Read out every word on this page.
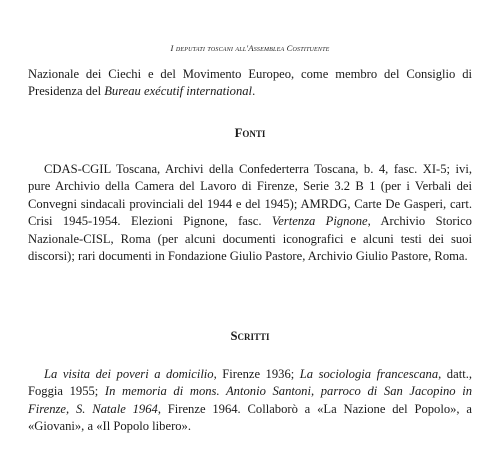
I deputati toscani all'Assemblea Costituente

Nazionale dei Ciechi e del Movimento Europeo, come membro del Consiglio di Presidenza del Bureau exécutif international.

Fonti

CDAS-CGIL Toscana, Archivi della Confederterra Toscana, b. 4, fasc. XI-5; ivi, pure Archivio della Camera del Lavoro di Firenze, Serie 3.2 B 1 (per i Verbali dei Convegni sindacali provinciali del 1944 e del 1945); AMRDG, Carte De Gasperi, cart. Crisi 1945-1954. Elezioni Pignone, fasc. Vertenza Pignone, Archivio Storico Nazionale-CISL, Roma (per alcuni documenti iconografici e alcuni testi dei suoi discorsi); rari documenti in Fondazione Giulio Pastore, Archivio Giulio Pastore, Roma.

Scritti

La visita dei poveri a domicilio, Firenze 1936; La sociologia francescana, datt., Foggia 1955; In memoria di mons. Antonio Santoni, parroco di San Jacopino in Firenze, S. Natale 1964, Firenze 1964. Collaborò a «La Nazione del Popolo», a «Giovani», a «Il Popolo libero».
